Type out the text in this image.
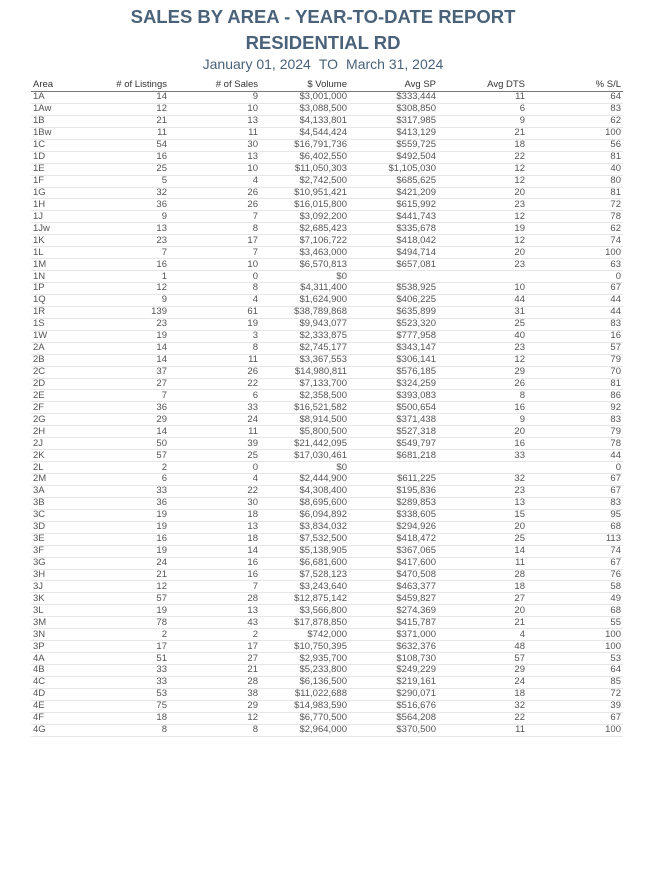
SALES BY AREA - YEAR-TO-DATE REPORT
RESIDENTIAL RD
January 01, 2024 TO March 31, 2024
Area	# of Listings	# of Sales	$ Volume	Avg SP	Avg DTS	% S/L
1A	14	9	$3,001,000	$333,444	11	64
1Aw	12	10	$3,088,500	$308,850	6	83
1B	21	13	$4,133,801	$317,985	9	62
1Bw	11	11	$4,544,424	$413,129	21	100
1C	54	30	$16,791,736	$559,725	18	56
1D	16	13	$6,402,550	$492,504	22	81
1E	25	10	$11,050,303	$1,105,030	12	40
1F	5	4	$2,742,500	$685,625	12	80
1G	32	26	$10,951,421	$421,209	20	81
1H	36	26	$16,015,800	$615,992	23	72
1J	9	7	$3,092,200	$441,743	12	78
1Jw	13	8	$2,685,423	$335,678	19	62
1K	23	17	$7,106,722	$418,042	12	74
1L	7	7	$3,463,000	$494,714	20	100
1M	16	10	$6,570,813	$657,081	23	63
1N	1	0	$0			0
1P	12	8	$4,311,400	$538,925	10	67
1Q	9	4	$1,624,900	$406,225	44	44
1R	139	61	$38,789,868	$635,899	31	44
1S	23	19	$9,943,077	$523,320	25	83
1W	19	3	$2,333,875	$777,958	40	16
2A	14	8	$2,745,177	$343,147	23	57
2B	14	11	$3,367,553	$306,141	12	79
2C	37	26	$14,980,811	$576,185	29	70
2D	27	22	$7,133,700	$324,259	26	81
2E	7	6	$2,358,500	$393,083	8	86
2F	36	33	$16,521,582	$500,654	16	92
2G	29	24	$8,914,500	$371,438	9	83
2H	14	11	$5,800,500	$527,318	20	79
2J	50	39	$21,442,095	$549,797	16	78
2K	57	25	$17,030,461	$681,218	33	44
2L	2	0	$0			0
2M	6	4	$2,444,900	$611,225	32	67
3A	33	22	$4,308,400	$195,836	23	67
3B	36	30	$8,695,600	$289,853	13	83
3C	19	18	$6,094,892	$338,605	15	95
3D	19	13	$3,834,032	$294,926	20	68
3E	16	18	$7,532,500	$418,472	25	113
3F	19	14	$5,138,905	$367,065	14	74
3G	24	16	$6,681,600	$417,600	11	67
3H	21	16	$7,528,123	$470,508	28	76
3J	12	7	$3,243,640	$463,377	18	58
3K	57	28	$12,875,142	$459,827	27	49
3L	19	13	$3,566,800	$274,369	20	68
3M	78	43	$17,878,850	$415,787	21	55
3N	2	2	$742,000	$371,000	4	100
3P	17	17	$10,750,395	$632,376	48	100
4A	51	27	$2,935,700	$108,730	57	53
4B	33	21	$5,233,800	$249,229	29	64
4C	33	28	$6,136,500	$219,161	24	85
4D	53	38	$11,022,688	$290,071	18	72
4E	75	29	$14,983,590	$516,676	32	39
4F	18	12	$6,770,500	$564,208	22	67
4G	8	8	$2,964,000	$370,500	11	100
